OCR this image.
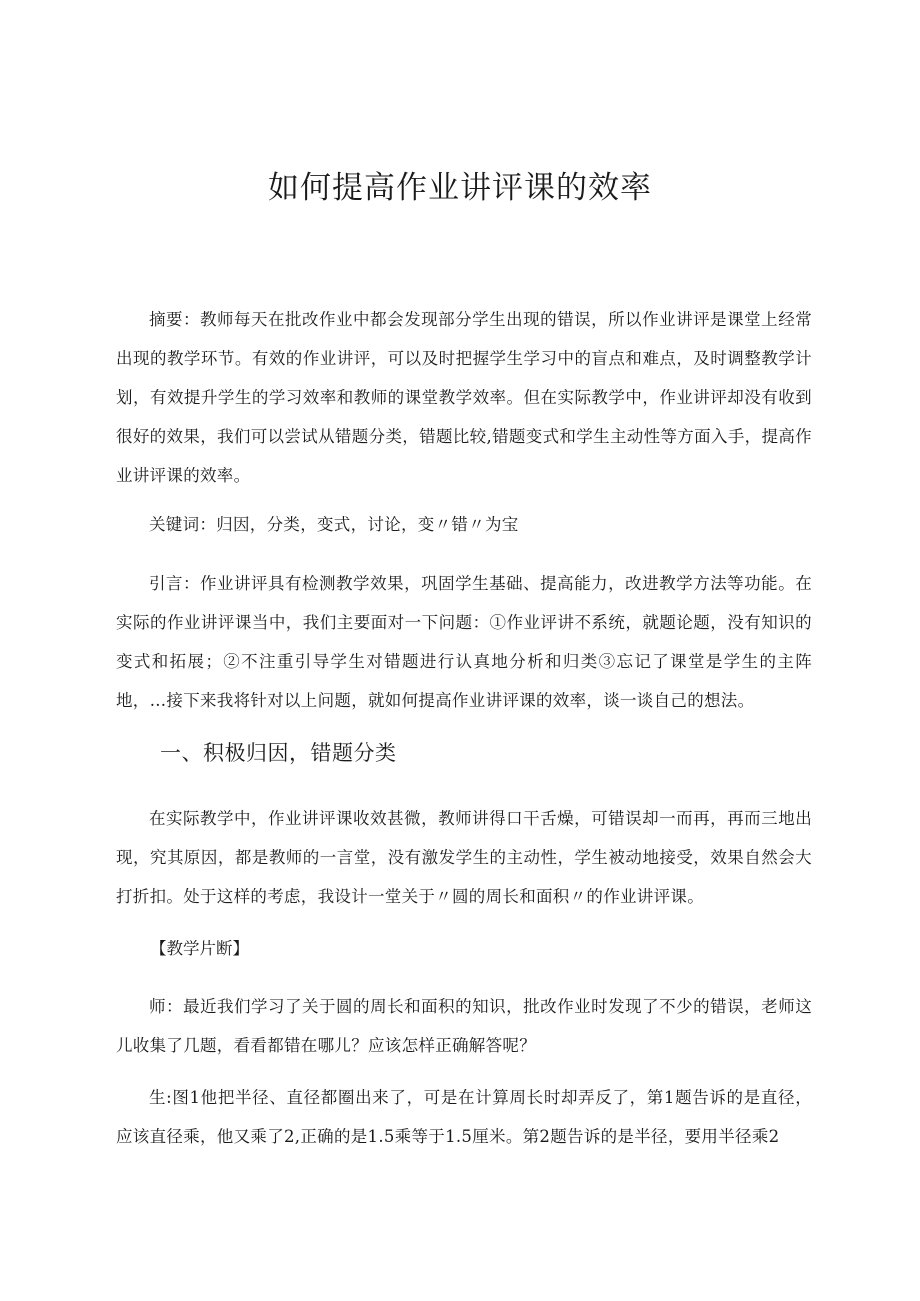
如何提高作业讲评课的效率

摘要：教师每天在批改作业中都会发现部分学生出现的错误，所以作业讲评是课堂上经常出现的教学环节。有效的作业讲评，可以及时把握学生学习中的盲点和难点，及时调整教学计划，有效提升学生的学习效率和教师的课堂教学效率。但在实际教学中，作业讲评却没有收到很好的效果，我们可以尝试从错题分类，错题比较,错题变式和学生主动性等方面入手，提高作业讲评课的效率。

关键词：归因，分类，变式，讨论，变〃错〃为宝

引言：作业讲评具有检测教学效果，巩固学生基础、提高能力，改进教学方法等功能。在实际的作业讲评课当中，我们主要面对一下问题：①作业评讲不系统，就题论题，没有知识的变式和拓展；②不注重引导学生对错题进行认真地分析和归类③忘记了课堂是学生的主阵地，…接下来我将针对以上问题，就如何提高作业讲评课的效率，谈一谈自己的想法。

一、积极归因，错题分类

在实际教学中，作业讲评课收效甚微，教师讲得口干舌燥，可错误却一而再，再而三地出现，究其原因，都是教师的一言堂，没有激发学生的主动性，学生被动地接受，效果自然会大打折扣。处于这样的考虑，我设计一堂关于〃圆的周长和面积〃的作业讲评课。

【教学片断】

师：最近我们学习了关于圆的周长和面积的知识，批改作业时发现了不少的错误，老师这儿收集了几题，看看都错在哪儿？应该怎样正确解答呢？

生:图1他把半径、直径都圈出来了，可是在计算周长时却弄反了，第1题告诉的是直径，应该直径乘，他又乘了2,正确的是1.5乘等于1.5厘米。第2题告诉的是半径，要用半径乘2
